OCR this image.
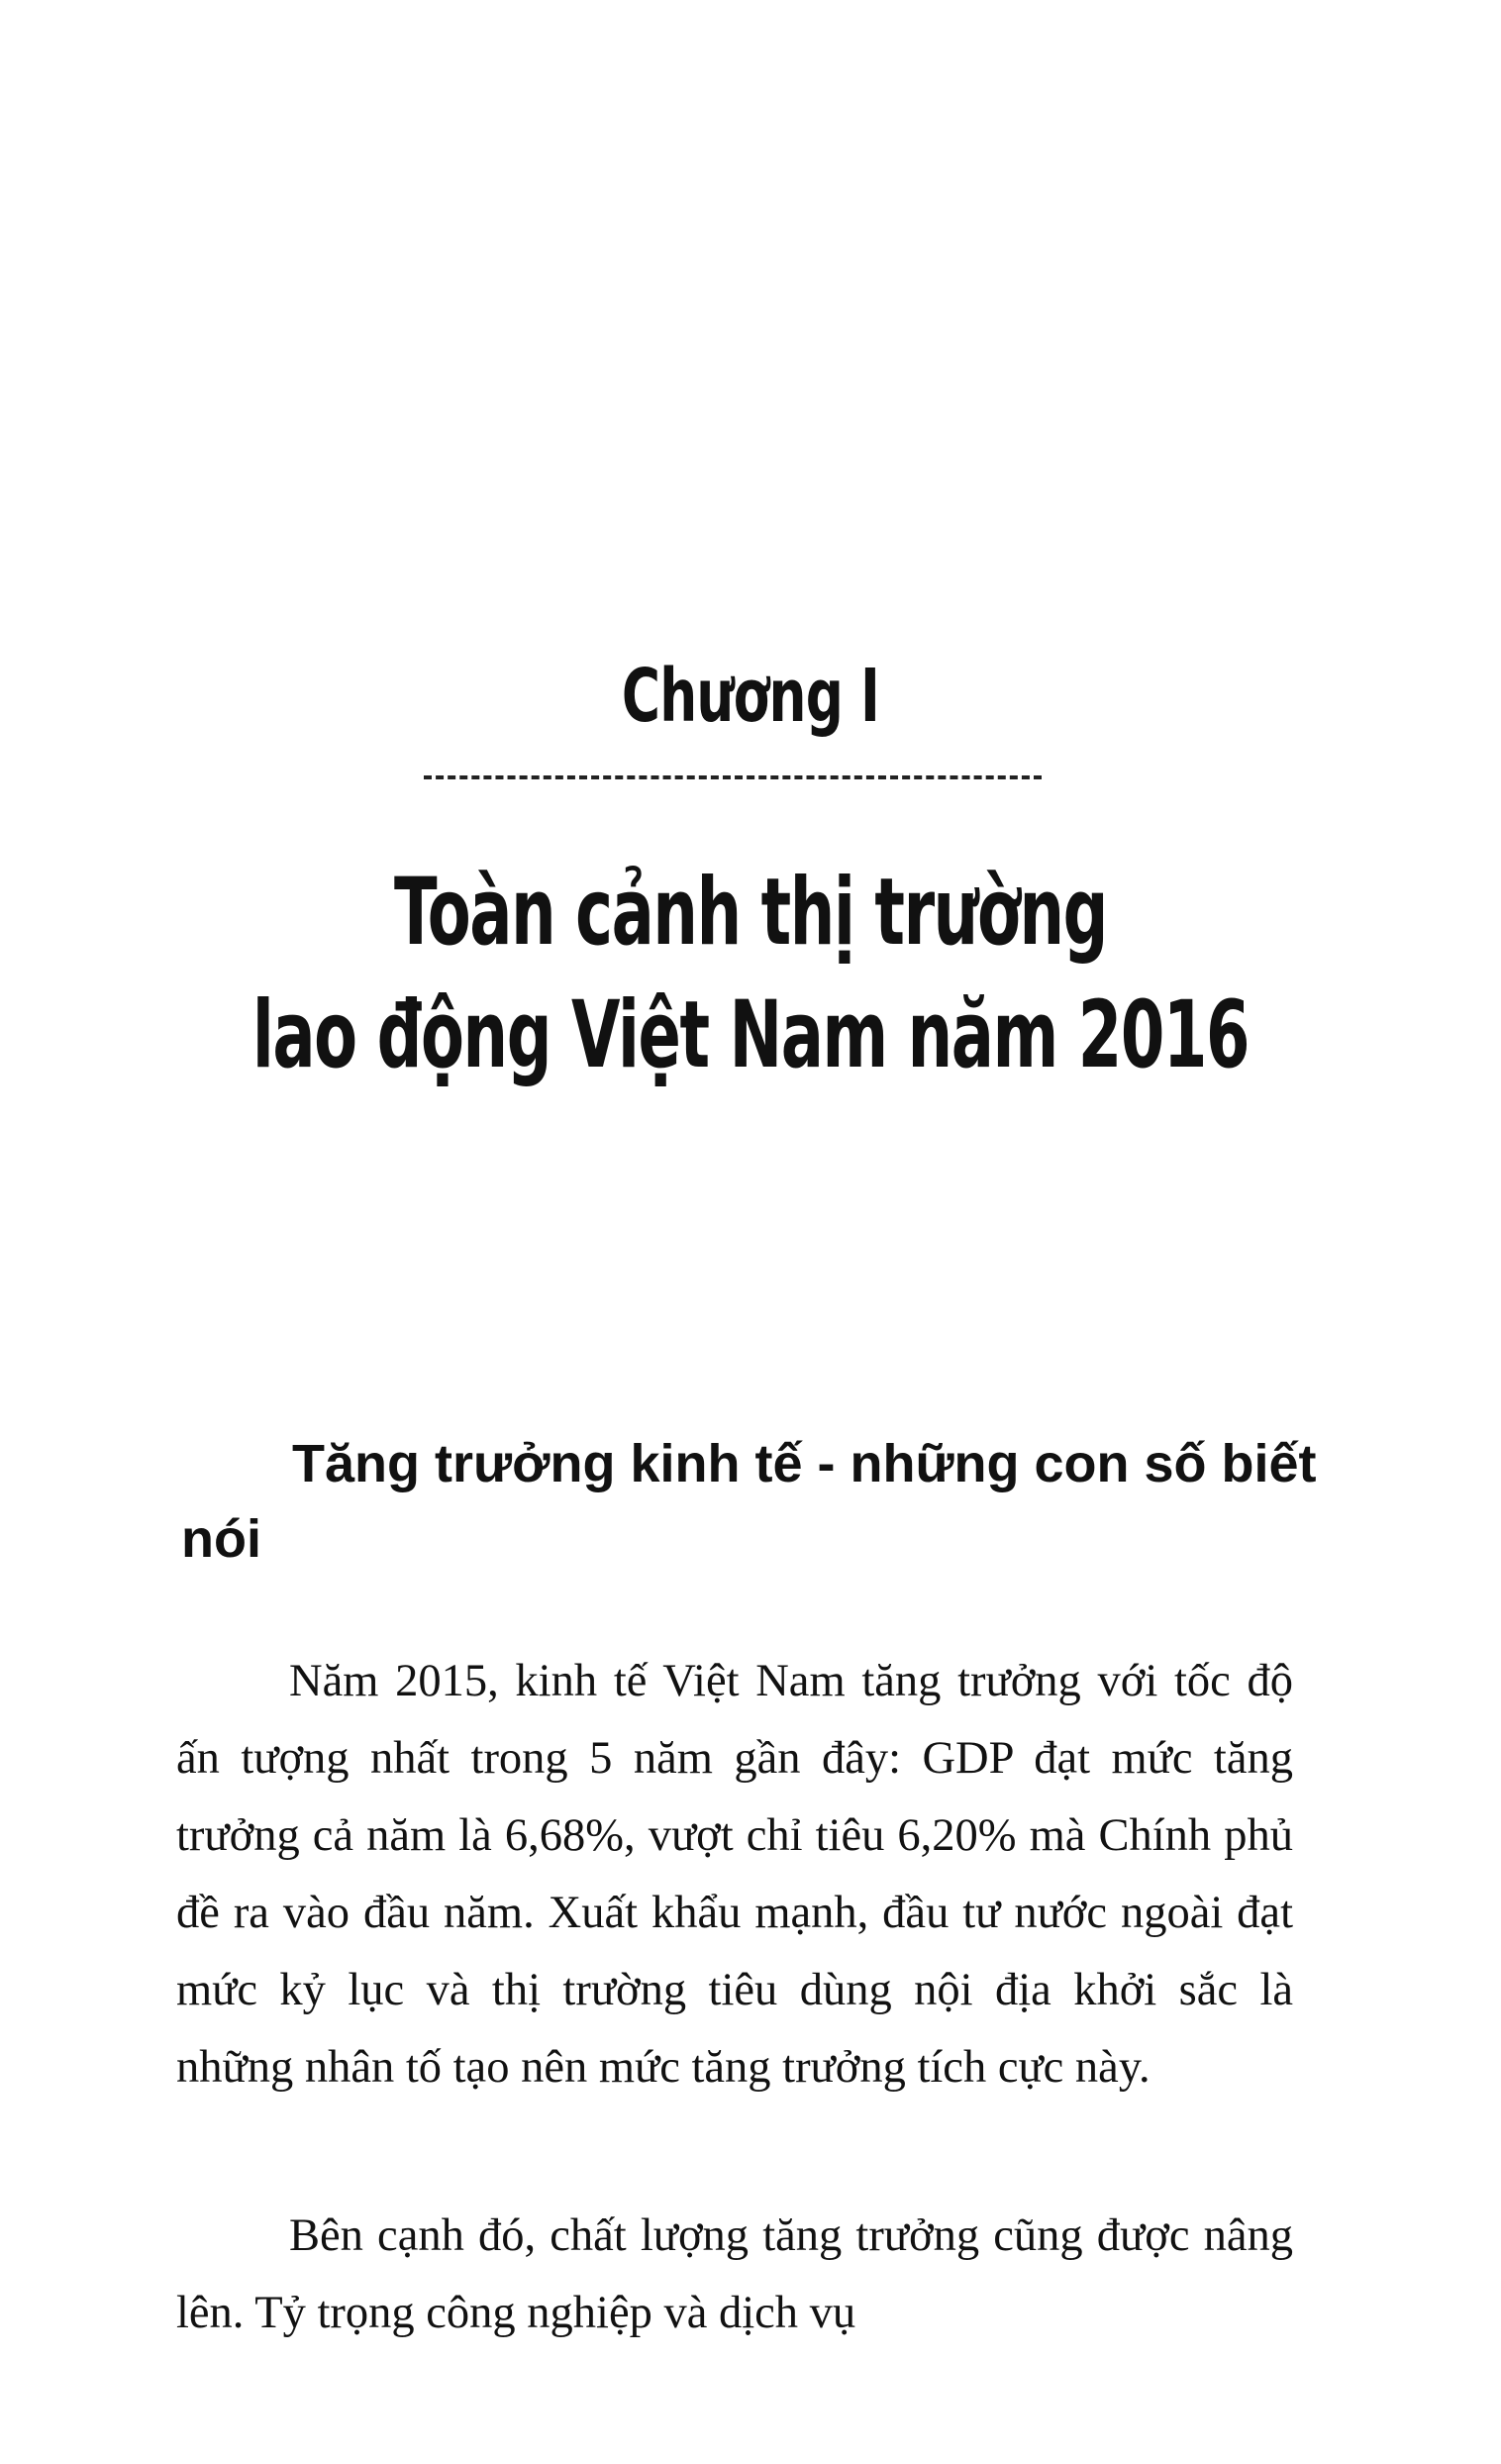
Chương I
Toàn cảnh thị trường
lao động Việt Nam năm 2016
Tăng trưởng kinh tế - những con số biết nói

Năm 2015, kinh tế Việt Nam tăng trưởng với tốc độ ấn tượng nhất trong 5 năm gần đây: GDP đạt mức tăng trưởng cả năm là 6,68%, vượt chỉ tiêu 6,20% mà Chính phủ đề ra vào đầu năm. Xuất khẩu mạnh, đầu tư nước ngoài đạt mức kỷ lục và thị trường tiêu dùng nội địa khởi sắc là những nhân tố tạo nên mức tăng trưởng tích cực này.

Bên cạnh đó, chất lượng tăng trưởng cũng được nâng lên. Tỷ trọng công nghiệp và dịch vụ
